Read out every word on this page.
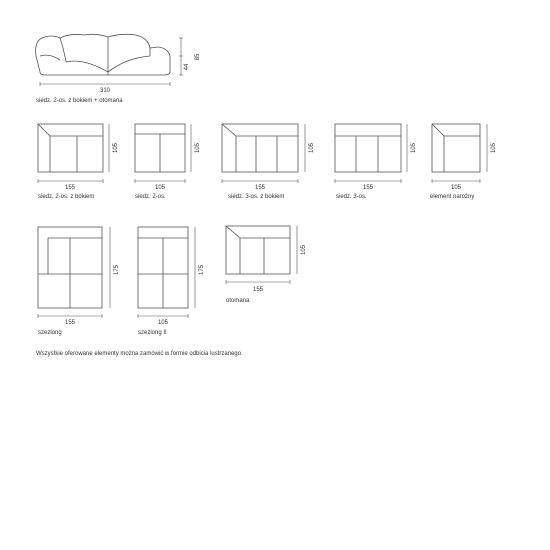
310
44
85
siedz. 2-os. z bokiem + otomana
155
105
siedz. 2-os. z bokiem
105
105
siedz. 2-os.
155
105
siedz. 3-os. z bokiem
155
105
siedz. 3-os.
105
105
element narożny
155
175
szezlong
105
175
szezlong II
155
105
otomana
Wszystkie oferowane elementy można zamówić w formie odbicia lustrzanego.
